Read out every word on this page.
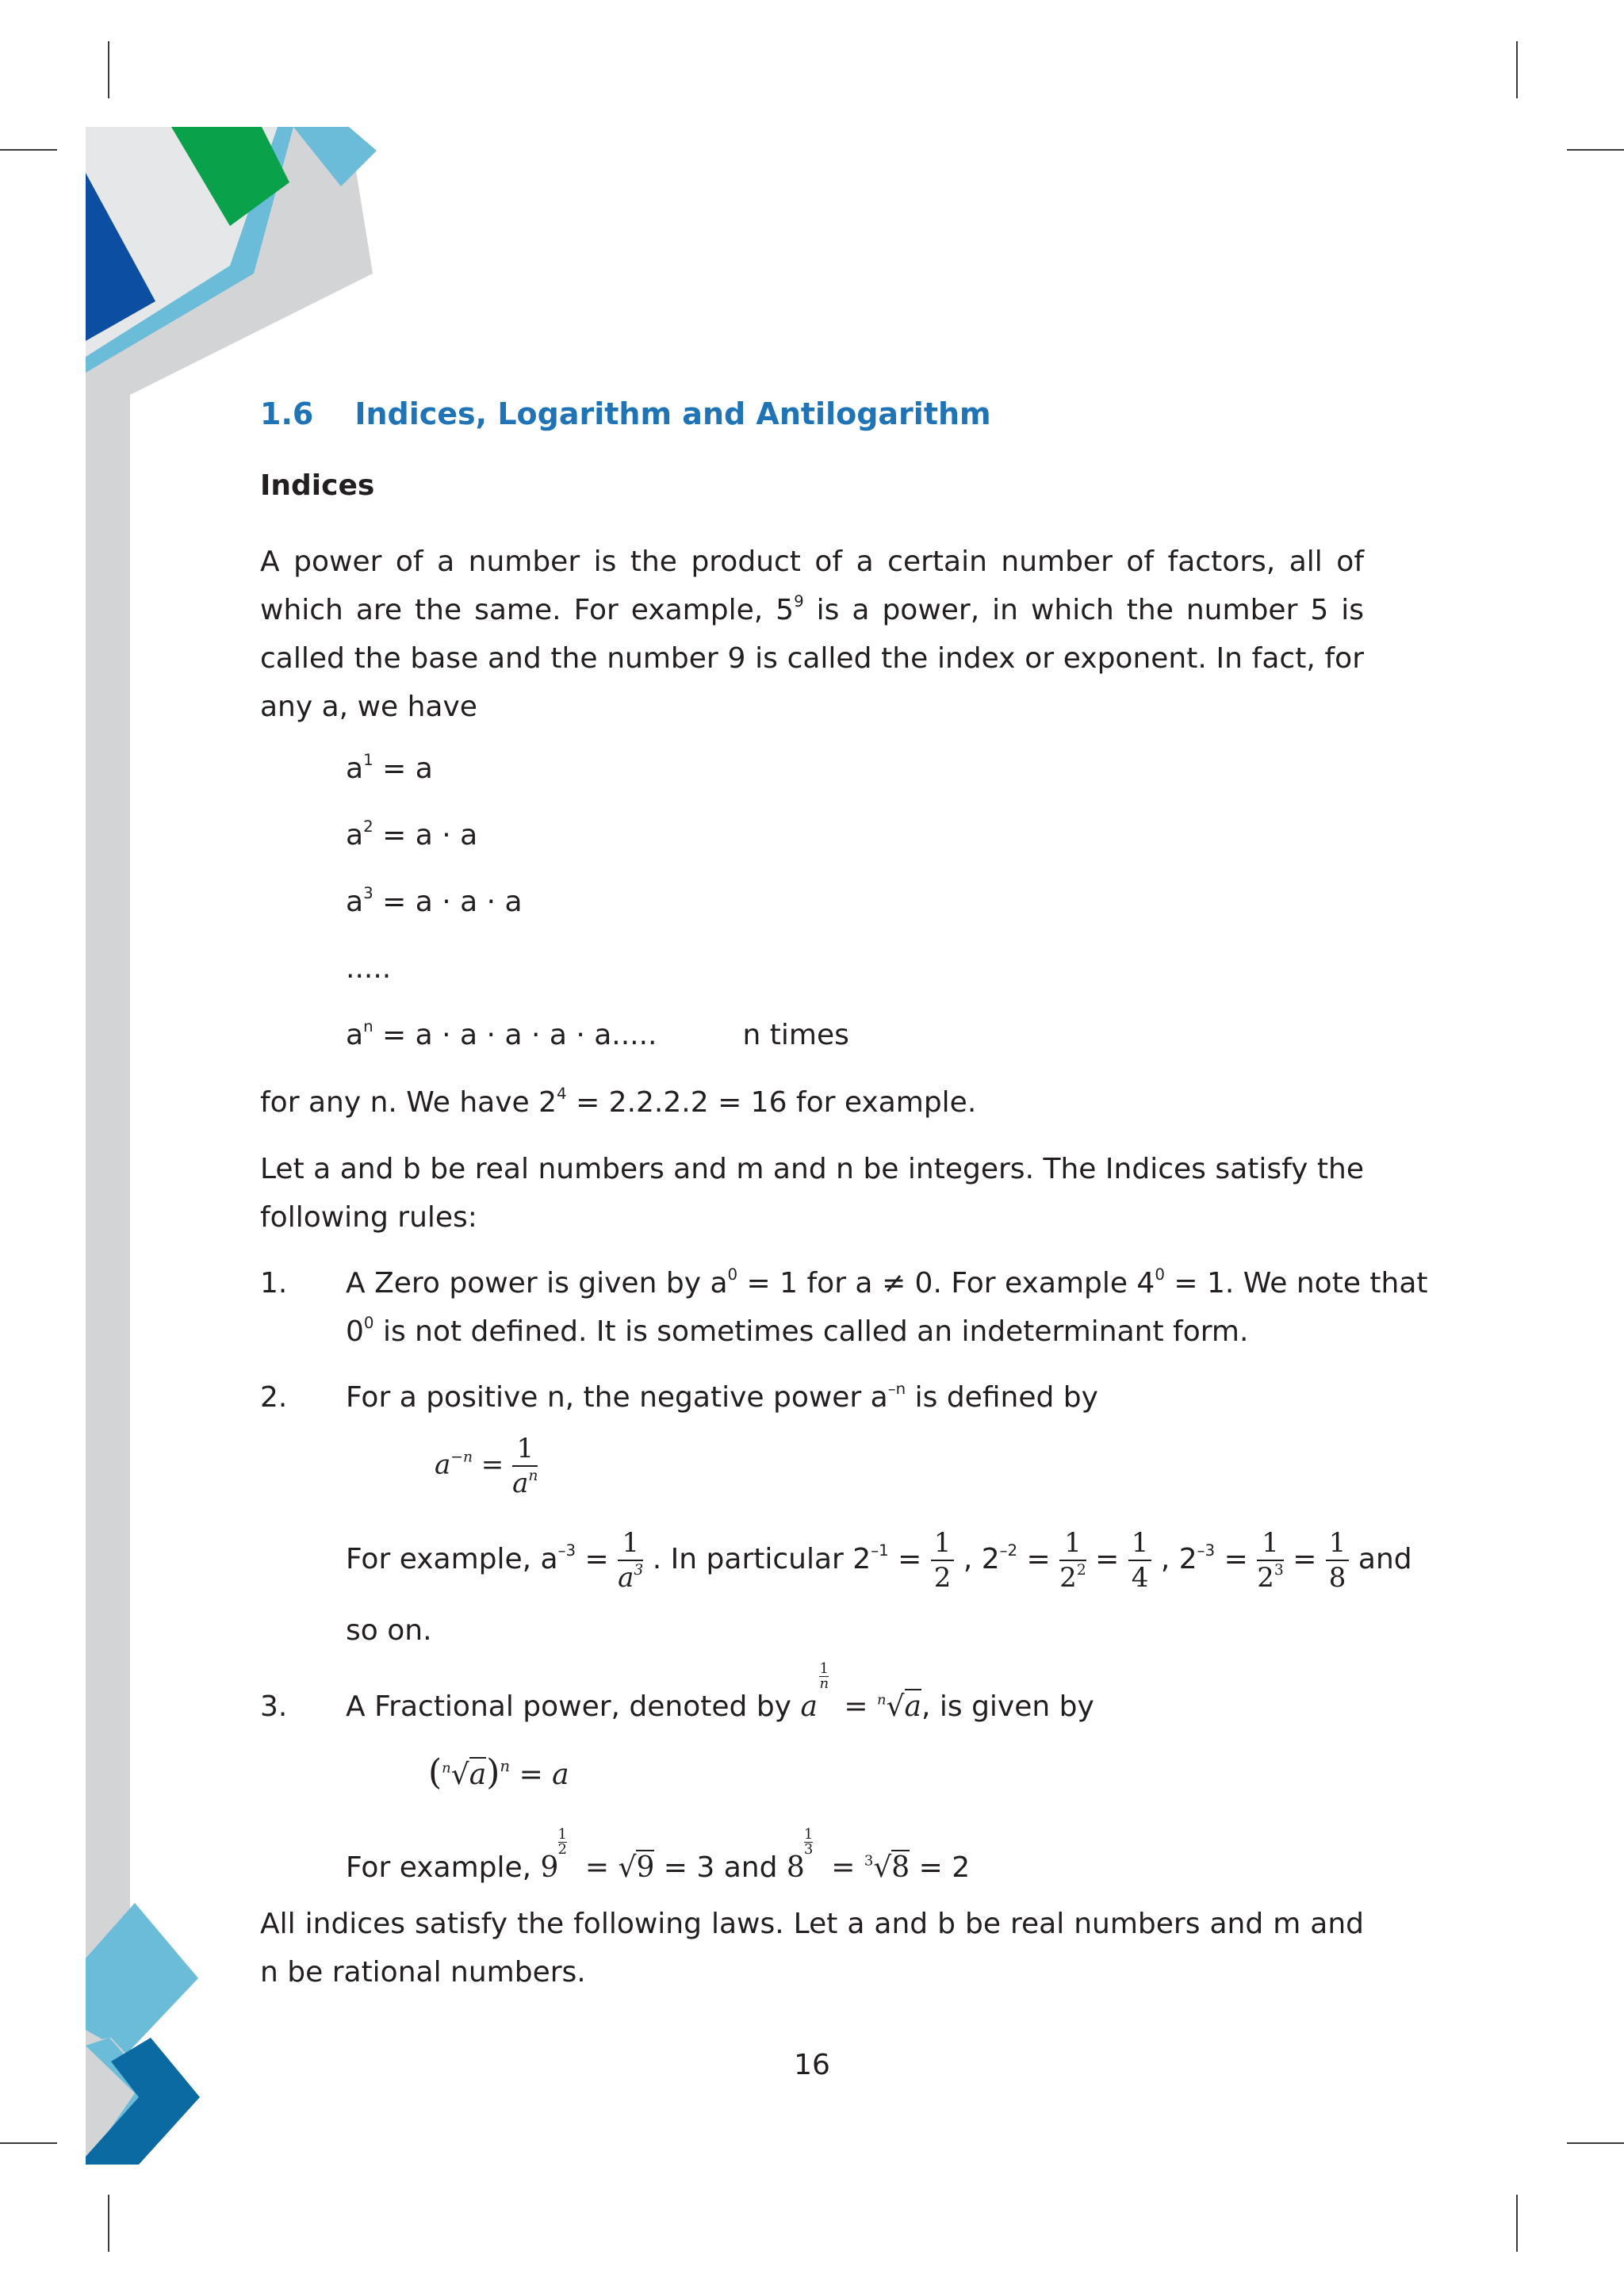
1.6 Indices, Logarithm and Antilogarithm
Indices
A power of a number is the product of a certain number of factors, all of which are the same. For example, $5^9$ is a power, in which the number 5 is called the base and the number 9 is called the index or exponent. In fact, for any a, we have
$a^1 = a$
$a^2 = a \cdot a$
$a^3 = a \cdot a \cdot a$
.....
$a^n = a \cdot a \cdot a \cdot a \cdot a$.....	n times
for any n. We have $2^4 = 2.2.2.2 = 16$ for example.
Let a and b be real numbers and m and n be integers. The Indices satisfy the following rules:
1. A Zero power is given by $a^0 = 1$ for a ≠ 0. For example $4^0 = 1$. We note that
$0^0$ is not defined. It is sometimes called an indeterminant form.
2. For a positive n, the negative power $a^{-n}$ is defined by
$a^{-n} = \frac{1}{a^n}$
For example, $a^{-3} = \frac{1}{a^3}$ . In particular $2^{-1} = \frac{1}{2}$ , $2^{-2} = \frac{1}{2^2} = \frac{1}{4}$ , $2^{-3} = \frac{1}{2^3} = \frac{1}{8}$ and
so on.
3. A Fractional power, denoted by a
$\frac{1}{n}$
= $^n$√a, is given by
$(^n√a)^n = a$
For example, 9
$\frac{1}{2}$
= √9 = 3 and 8
$\frac{1}{3}$
= $^3$√8 = 2
All indices satisfy the following laws. Let a and b be real numbers and m and n be rational numbers.
16
